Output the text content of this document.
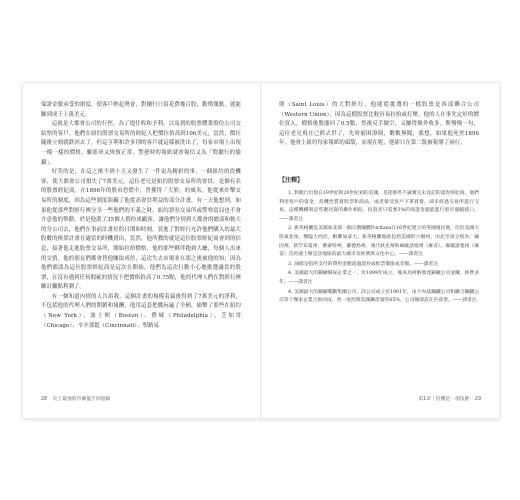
保證金做承受的損度，使客戶輕起勢會，對爾行只留花費幾百股，動徵幾點，就能賺到成千上萬美元。

這就是大都會公司的行徑，為了提住收和予利，以及到的股票體業股份公司交給堅的客戶。他們在紐約股票交易所的經紀人把價位拾高到106美元，當然，價位隨後立刻就跌回去了，但這亨利和許多別的客戶就這樣被洗出了，每家市場上出現一模一樣的價格，驅影軍又恢復正常，警發時的報紙就會報信又為「對聽行的偷攝」。

好笑的是，在這之後不到十天又發生了一件更為精彩的事，一個紐約的投機客，使大都會公司損失了7萬美元，這位老兄是紐約股票交易所的會員，是個有名的股票經紀商，在1896年的股市恐慌中，曾獲得「大熊」的威名，他從來奸擊交易所的制度，因為這些制度阻礙了他從高會員利益的部分計畫，有一天他想到，如果他從那些對經行裡分享一些他們的不義之財，紐約證券交易所或警察當局也不會介意他的舉動，於是他派了35個人假扮成顧客，讓他們分別到大都會的總部和較大的分公司去，他們在事前計畫好的日期和時刻，買進了對經行允許他們購入的最大股數的換算計畫在適當的時機賣出，當然，他所教的就是這位股票經紀商會到的信息，接著他走進股票交易所，開始拉拾價格，他的那些夥伴跑到大廳，每個人出來的交情，他的朋友們都會替他賺取成倍，這次失去市場並在那之後被他的知，因為他們都認為這位股票經紀商是這次在開始，他們為這次行動小心地挑選適當的股票，在沒有遇到任何瑕疵的情況下把價格拾高了0.75點，他的代理人們在對經行裡賺計鑼點利潤了。

有一個知道內情的人告訴我，這個計畫的規模着最後得到了7萬美元的淨利，不包括他的代理人們的開銷和報酬，他用這套把戲玩遍了全國，痛擊了那些在紐約（New York）、波士頓（Boston）、費城（Philadelphia）、芝加哥（Chicago）、辛辛那提（Cincinnati）、聖路易

28 史上最強股市操盤手回憶錄

斯（Saint Louis）的大對經行，他能從挑選的一檔股票是西部聯合公司（Western Union），因為這檔股票比較容易拉抬或打壓，他的人在事先定好的價位買入，價格後盤漲回了0.5點，然後反手做空，又賺得額外收多。斯慢慢一句，這位老兄現在已經去世了，先時窮困潦倒，數數無聞，我想，如果他死於1896年，他會上紐約每家報紙的頭版，而現在呢，他卻只在第二版被報導了兩行。

【注釋】

1. 對賭行出現在19世紀和20世紀初的美國，是指那些不誠實且未登記的證券經紀商，他們利用客戶的資金，投機性質賣股票和商品，或者接受客戶下單買賣，卻未經過交易所進行交易。這種機構與這些聚居資的操作相似，投資者只需要3%的保證金就能進行股市漲幅賭口。——譯者注

2. 新英格蘭是美國東北部一個宗教團體Puritans在16世紀建立的英國殖民地，位於美國大陸東北角，瀕臨大西洋，毗鄰加拿大，新英格蘭地區包括美國的六個州，由北至南分別為：緬因州、新罕布夏州、佛蒙特州、羅德島州、康乃狄克州和麻薩諸塞州（麻省）。麻薩諸塞州（麻省）首府波士頓是該地區的最大城市及經濟與文化中心。——譯者注

3. 油價是指所支付的費用金額超過證券成批票價值或差額。——譯者注

4. 美國最大的銅礦開採企業之一，於1899年成立，後來為阿納康達銅礦公司並購，經營多年。——譯者注

4. 美國最大的銅礦壟斷集團公司，該公司成立於1901年，由卡內基鋼鐵公司和聯合鋼鐵公司等十幾家企業合併而成，曾一度控制美國鋼產量的65%，公司總部設在匹茲堡。——譯者注

第1章｜投機是一項技藝 29
